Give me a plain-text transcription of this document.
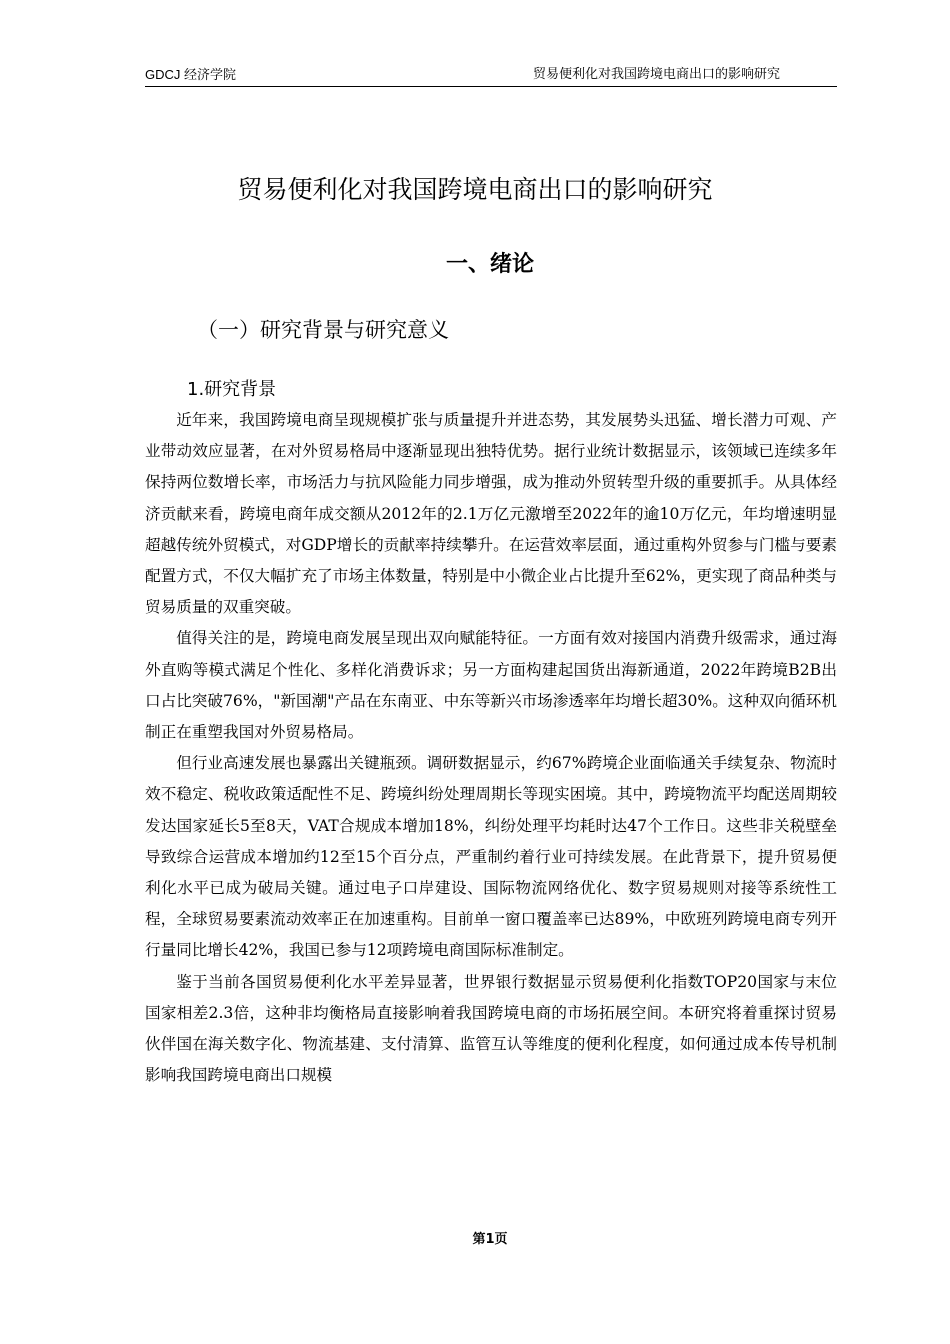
GDCJ 经济学院	贸易便利化对我国跨境电商出口的影响研究
贸易便利化对我国跨境电商出口的影响研究
一、绪论
（一）研究背景与研究意义
1.研究背景

近年来，我国跨境电商呈现规模扩张与质量提升并进态势，其发展势头迅猛、增长潜力可观、产业带动效应显著，在对外贸易格局中逐渐显现出独特优势。据行业统计数据显示，该领域已连续多年保持两位数增长率，市场活力与抗风险能力同步增强，成为推动外贸转型升级的重要抓手。从具体经济贡献来看，跨境电商年成交额从2012年的2.1万亿元激增至2022年的逾10万亿元，年均增速明显超越传统外贸模式，对GDP增长的贡献率持续攀升。在运营效率层面，通过重构外贸参与门槛与要素配置方式，不仅大幅扩充了市场主体数量，特别是中小微企业占比提升至62%，更实现了商品种类与贸易质量的双重突破。

值得关注的是，跨境电商发展呈现出双向赋能特征。一方面有效对接国内消费升级需求，通过海外直购等模式满足个性化、多样化消费诉求；另一方面构建起国货出海新通道，2022年跨境B2B出口占比突破76%，"新国潮"产品在东南亚、中东等新兴市场渗透率年均增长超30%。这种双向循环机制正在重塑我国对外贸易格局。

但行业高速发展也暴露出关键瓶颈。调研数据显示，约67%跨境企业面临通关手续复杂、物流时效不稳定、税收政策适配性不足、跨境纠纷处理周期长等现实困境。其中，跨境物流平均配送周期较发达国家延长5至8天，VAT合规成本增加18%，纠纷处理平均耗时达47个工作日。这些非关税壁垒导致综合运营成本增加约12至15个百分点，严重制约着行业可持续发展。在此背景下，提升贸易便利化水平已成为破局关键。通过电子口岸建设、国际物流网络优化、数字贸易规则对接等系统性工程，全球贸易要素流动效率正在加速重构。目前单一窗口覆盖率已达89%，中欧班列跨境电商专列开行量同比增长42%，我国已参与12项跨境电商国际标准制定。

鉴于当前各国贸易便利化水平差异显著，世界银行数据显示贸易便利化指数TOP20国家与末位国家相差2.3倍，这种非均衡格局直接影响着我国跨境电商的市场拓展空间。本研究将着重探讨贸易伙伴国在海关数字化、物流基建、支付清算、监管互认等维度的便利化程度，如何通过成本传导机制影响我国跨境电商出口规模

第1页
